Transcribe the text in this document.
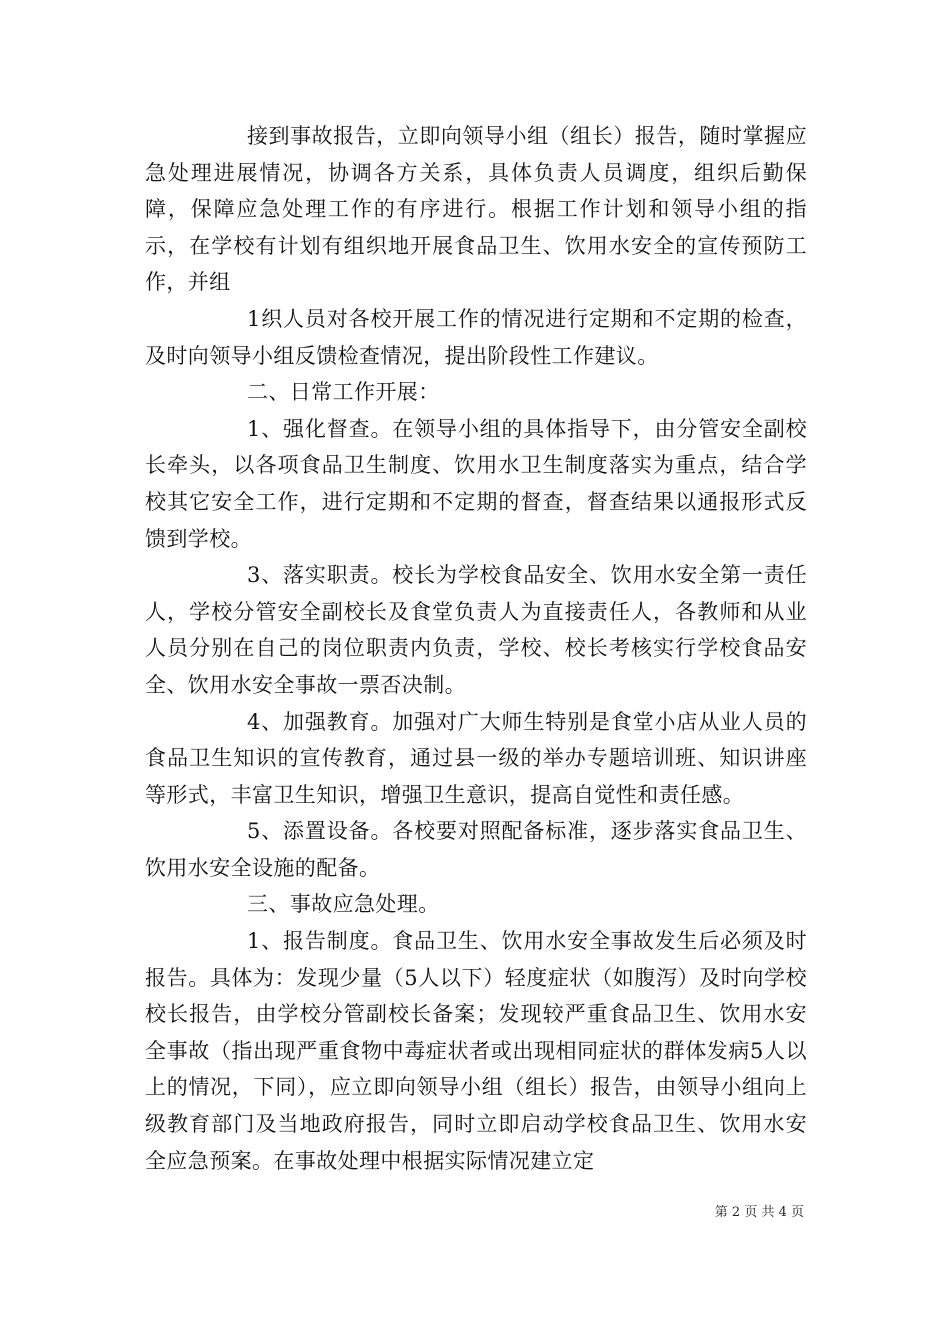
接到事故报告，立即向领导小组（组长）报告，随时掌握应急处理进展情况，协调各方关系，具体负责人员调度，组织后勤保障，保障应急处理工作的有序进行。根据工作计划和领导小组的指示，在学校有计划有组织地开展食品卫生、饮用水安全的宣传预防工作，并组

1织人员对各校开展工作的情况进行定期和不定期的检查，及时向领导小组反馈检查情况，提出阶段性工作建议。

二、日常工作开展：

1、强化督查。在领导小组的具体指导下，由分管安全副校长牵头，以各项食品卫生制度、饮用水卫生制度落实为重点，结合学校其它安全工作，进行定期和不定期的督查，督查结果以通报形式反馈到学校。

3、落实职责。校长为学校食品安全、饮用水安全第一责任人，学校分管安全副校长及食堂负责人为直接责任人，各教师和从业人员分别在自己的岗位职责内负责，学校、校长考核实行学校食品安全、饮用水安全事故一票否决制。

4、加强教育。加强对广大师生特别是食堂小店从业人员的食品卫生知识的宣传教育，通过县一级的举办专题培训班、知识讲座等形式，丰富卫生知识，增强卫生意识，提高自觉性和责任感。

5、添置设备。各校要对照配备标准，逐步落实食品卫生、饮用水安全设施的配备。

三、事故应急处理。

1、报告制度。食品卫生、饮用水安全事故发生后必须及时报告。具体为：发现少量（5人以下）轻度症状（如腹泻）及时向学校校长报告，由学校分管副校长备案；发现较严重食品卫生、饮用水安全事故（指出现严重食物中毒症状者或出现相同症状的群体发病5人以上的情况，下同），应立即向领导小组（组长）报告，由领导小组向上级教育部门及当地政府报告，同时立即启动学校食品卫生、饮用水安全应急预案。在事故处理中根据实际情况建立定

第 2 页 共 4 页
